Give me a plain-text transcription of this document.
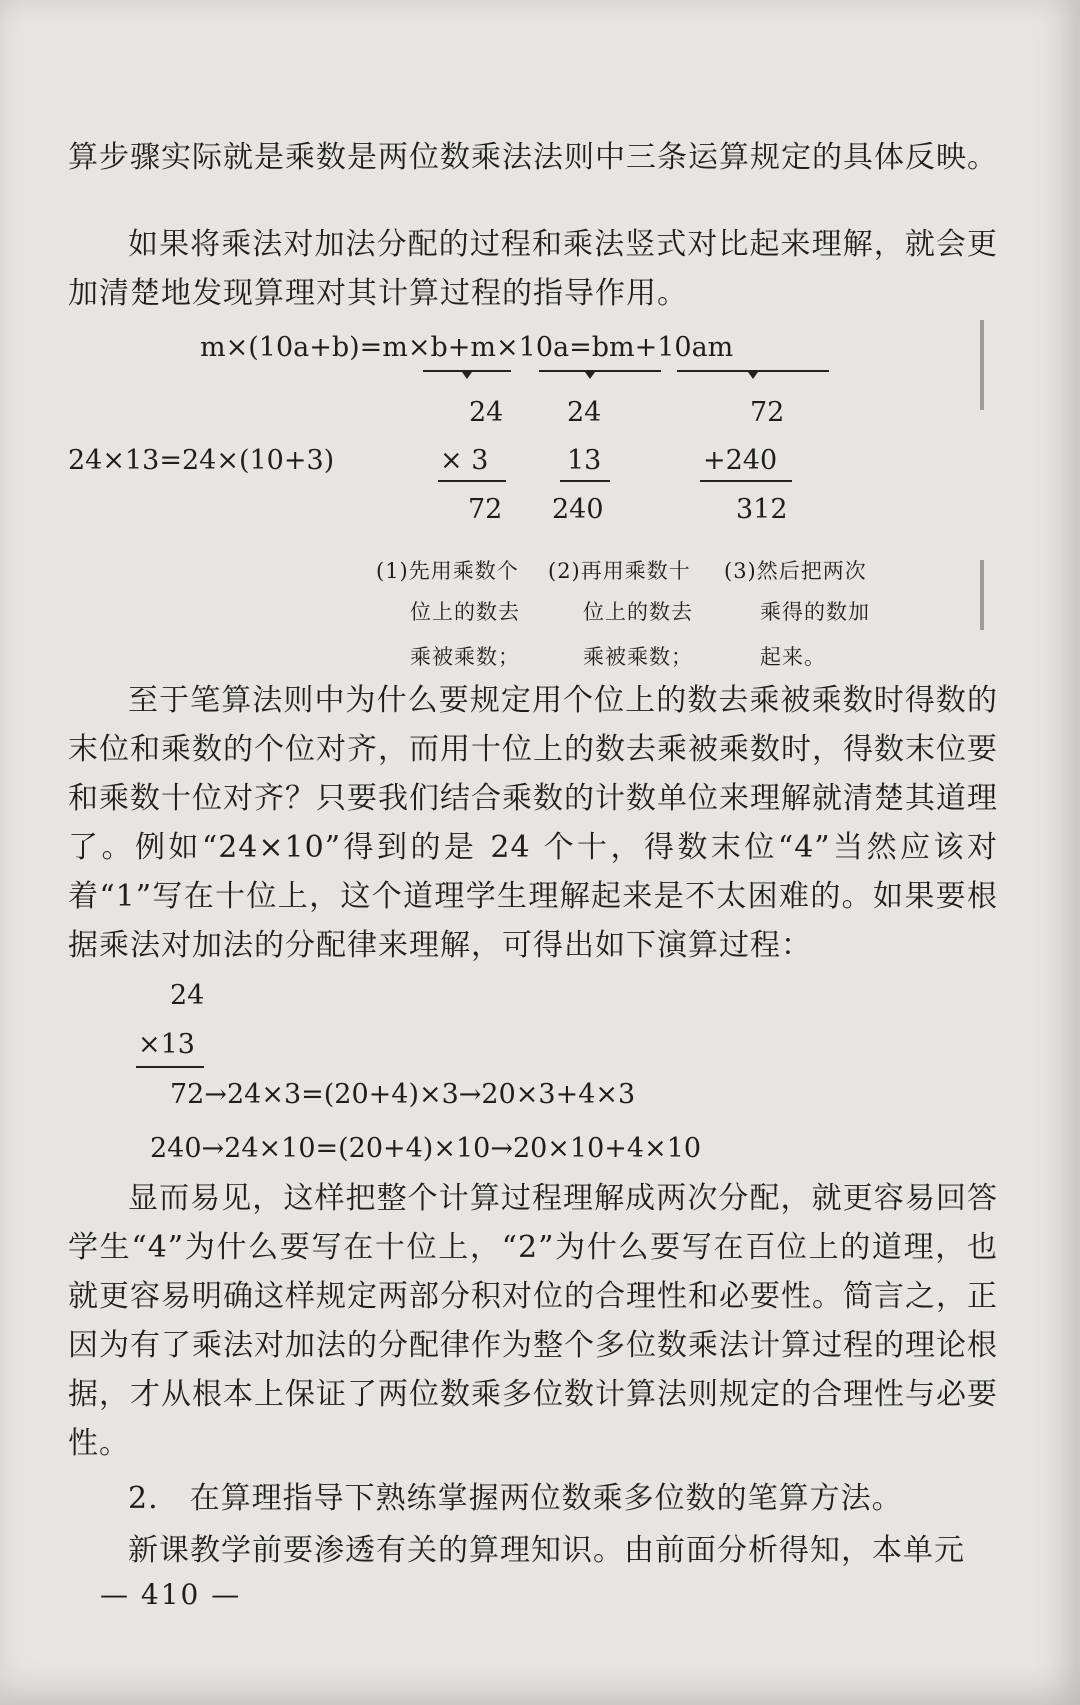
算步骤实际就是乘数是两位数乘法法则中三条运算规定的具体反映。

如果将乘法对加法分配的过程和乘法竖式对比起来理解，就会更加清楚地发现算理对其计算过程的指导作用。

m×(10a+b)=m×b+m×10a=bm+10am
24×13=24×(10+3)
24
× 3
72
24
13
240
72
+240
312
(1)先用乘数个
位上的数去
乘被乘数；
(2)再用乘数十
位上的数去
乘被乘数；
(3)然后把两次
乘得的数加
起来。

至于笔算法则中为什么要规定用个位上的数去乘被乘数时得数的末位和乘数的个位对齐，而用十位上的数去乘被乘数时，得数末位要和乘数十位对齐？只要我们结合乘数的计数单位来理解就清楚其道理了。例如“24×10”得到的是 24 个十，得数末位“4”当然应该对着“1”写在十位上，这个道理学生理解起来是不太困难的。如果要根据乘法对加法的分配律来理解，可得出如下演算过程：

24
×13
72→24×3=(20+4)×3→20×3+4×3
240→24×10=(20+4)×10→20×10+4×10

显而易见，这样把整个计算过程理解成两次分配，就更容易回答学生“4”为什么要写在十位上，“2”为什么要写在百位上的道理，也就更容易明确这样规定两部分积对位的合理性和必要性。简言之，正因为有了乘法对加法的分配律作为整个多位数乘法计算过程的理论根据，才从根本上保证了两位数乘多位数计算法则规定的合理性与必要性。

2.　在算理指导下熟练掌握两位数乘多位数的笔算方法。

新课教学前要渗透有关的算理知识。由前面分析得知，本单元

— 410 —
